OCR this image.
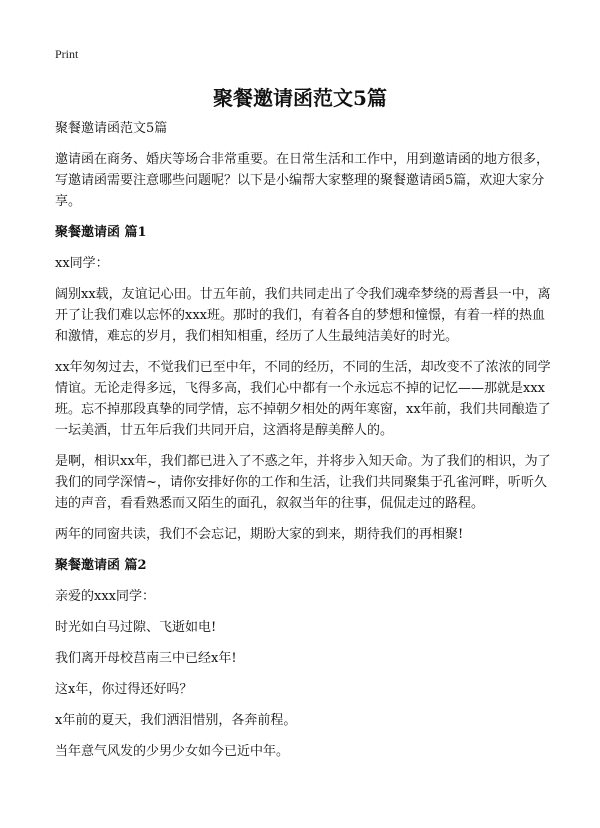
Print
聚餐邀请函范文5篇

聚餐邀请函范文5篇

邀请函在商务、婚庆等场合非常重要。在日常生活和工作中，用到邀请函的地方很多，写邀请函需要注意哪些问题呢？以下是小编帮大家整理的聚餐邀请函5篇，欢迎大家分享。

聚餐邀请函 篇1

xx同学：

阔别xx载，友谊记心田。廿五年前，我们共同走出了令我们魂牵梦绕的焉耆县一中，离开了让我们难以忘怀的xxx班。那时的我们，有着各自的梦想和憧憬，有着一样的热血和激情，难忘的岁月，我们相知相重，经历了人生最纯洁美好的时光。

xx年匆匆过去，不觉我们已至中年，不同的经历，不同的生活，却改变不了浓浓的同学情谊。无论走得多远，飞得多高，我们心中都有一个永远忘不掉的记忆——那就是xxx班。忘不掉那段真挚的同学情，忘不掉朝夕相处的两年寒窗，xx年前，我们共同酿造了一坛美酒，廿五年后我们共同开启，这酒将是醇美醉人的。

是啊，相识xx年，我们都已进入了不惑之年，并将步入知天命。为了我们的相识，为了我们的同学深情~，请你安排好你的工作和生活，让我们共同聚集于孔雀河畔，听听久违的声音，看看熟悉而又陌生的面孔，叙叙当年的往事，侃侃走过的路程。

两年的同窗共读，我们不会忘记，期盼大家的到来，期待我们的再相聚!

聚餐邀请函 篇2

亲爱的xxx同学：

时光如白马过隙、飞逝如电!

我们离开母校莒南三中已经x年!

这x年，你过得还好吗？

x年前的夏天，我们洒泪惜别，各奔前程。

当年意气风发的少男少女如今已近中年。
